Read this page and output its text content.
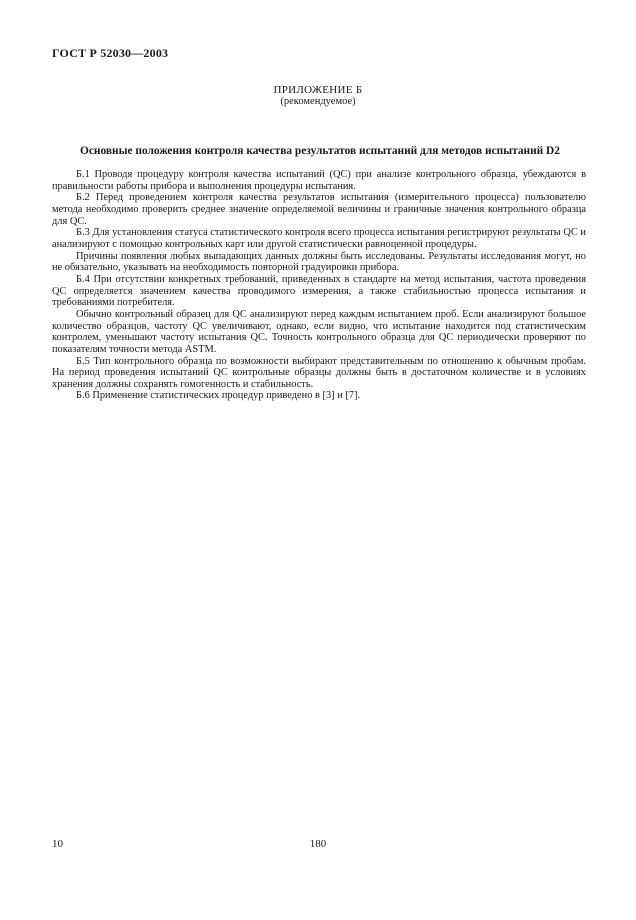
ГОСТ Р 52030—2003
ПРИЛОЖЕНИЕ Б
(рекомендуемое)
Основные положения контроля качества результатов испытаний для методов испытаний D2

Б.1 Проводя процедуру контроля качества испытаний (QC) при анализе контрольного образца, убеждаются в правильности работы прибора и выполнения процедуры испытания.

Б.2 Перед проведением контроля качества результатов испытания (измерительного процесса) пользователю метода необходимо проверить среднее значение определяемой величины и граничные значения контрольного образца для QC.

Б.3 Для установления статуса статистического контроля всего процесса испытания регистрируют результаты QC и анализируют с помощью контрольных карт или другой статистически равноценной процедуры.

Причины появления любых выпадающих данных должны быть исследованы. Результаты исследования могут, но не обязательно, указывать на необходимость повторной градуировки прибора.

Б.4 При отсутствии конкретных требований, приведенных в стандарте на метод испытания, частота проведения QC определяется значением качества проводимого измерения, а также стабильностью процесса испытания и требованиями потребителя.

Обычно контрольный образец для QC анализируют перед каждым испытанием проб. Если анализируют большое количество образцов, частоту QC увеличивают, однако, если видно, что испытание находится под статистическим контролем, уменьшают частоту испытания QC. Точность контрольного образца для QC периодически проверяют по показателям точности метода ASTM.

Б.5 Тип контрольного образца по возможности выбирают представительным по отношению к обычным пробам. На период проведения испытаний QC контрольные образцы должны быть в достаточном количестве и в условиях хранения должны сохранять гомогенность и стабильность.

Б.6 Применение статистических процедур приведено в [3] и [7].

10	180
